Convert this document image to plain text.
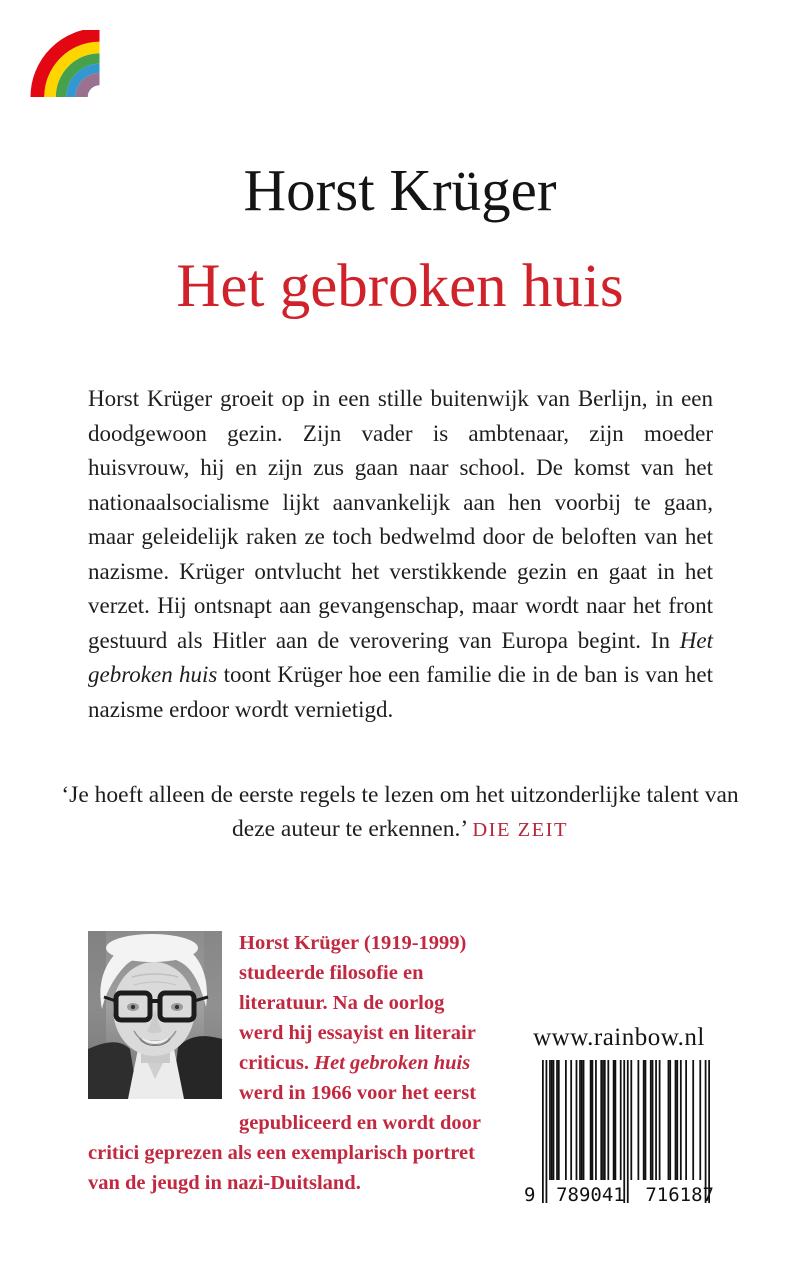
Horst Krüger
Het gebroken huis

Horst Krüger groeit op in een stille buitenwijk van Berlijn, in een doodgewoon gezin. Zijn vader is ambtenaar, zijn moeder huisvrouw, hij en zijn zus gaan naar school. De komst van het nationaalsocialisme lijkt aanvankelijk aan hen voorbij te gaan, maar geleidelijk raken ze toch bedwelmd door de beloften van het nazisme. Krüger ontvlucht het verstikkende gezin en gaat in het verzet. Hij ontsnapt aan gevangenschap, maar wordt naar het front gestuurd als Hitler aan de verovering van Europa begint. In Het gebroken huis toont Krüger hoe een familie die in de ban is van het nazisme erdoor wordt vernietigd.

‘Je hoeft alleen de eerste regels te lezen om het uitzonderlijke talent van deze auteur te erkennen.’ DIE ZEIT
Horst Krüger (1919-1999) studeerde filosofie en literatuur. Na de oorlog werd hij essayist en literair criticus. Het gebroken huis werd in 1966 voor het eerst gepubliceerd en wordt door critici geprezen als een exemplarisch portret van de jeugd in nazi-Duitsland.
www.rainbow.nl
9 789041 716187
